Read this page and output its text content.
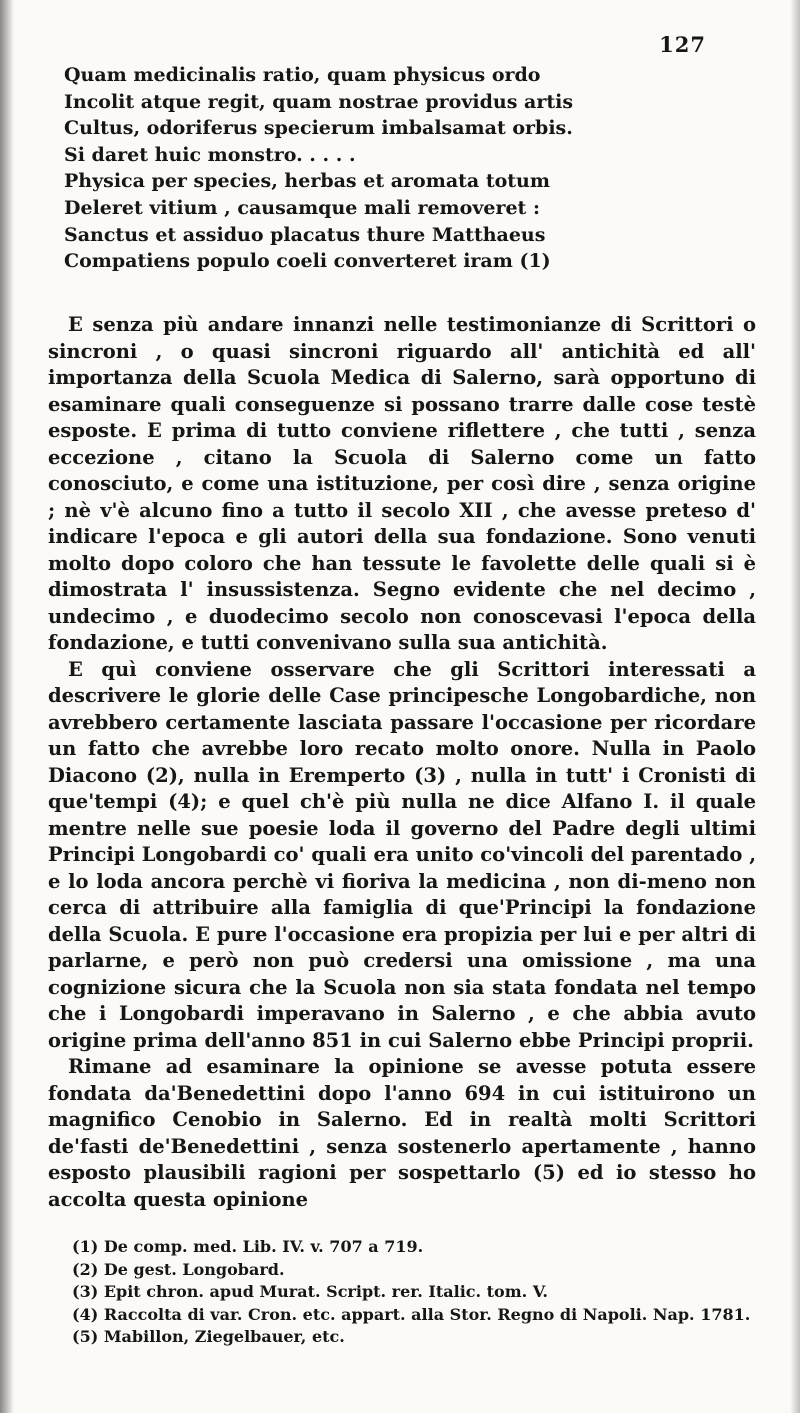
127
Quam medicinalis ratio, quam physicus ordo
Incolit atque regit, quam nostrae providus artis
Cultus, odoriferus specierum imbalsamat orbis.
Si daret huic monstro. . . . .
Physica per species, herbas et aromata totum
Deleret vitium , causamque mali removeret :
Sanctus et assiduo placatus thure Matthaeus
Compatiens populo coeli converteret iram (1)

E senza più andare innanzi nelle testimonianze di Scrittori o sincroni , o quasi sincroni riguardo all' antichità ed all' importanza della Scuola Medica di Salerno, sarà opportuno di esaminare quali conseguenze si possano trarre dalle cose testè esposte. E prima di tutto conviene riflettere , che tutti , senza eccezione , citano la Scuola di Salerno come un fatto conosciuto, e come una istituzione, per così dire , senza origine ; nè v'è alcuno fino a tutto il secolo XII , che avesse preteso d' indicare l'epoca e gli autori della sua fondazione. Sono venuti molto dopo coloro che han tessute le favolette delle quali si è dimostrata l' insussistenza. Segno evidente che nel decimo , undecimo , e duodecimo secolo non conoscevasi l'epoca della fondazione, e tutti convenivano sulla sua antichità.

E quì conviene osservare che gli Scrittori interessati a descrivere le glorie delle Case principesche Longobardiche, non avrebbero certamente lasciata passare l'occasione per ricordare un fatto che avrebbe loro recato molto onore. Nulla in Paolo Diacono (2), nulla in Eremperto (3) , nulla in tutt' i Cronisti di que'tempi (4); e quel ch'è più nulla ne dice Alfano I. il quale mentre nelle sue poesie loda il governo del Padre degli ultimi Principi Longobardi co' quali era unito co'vincoli del parentado , e lo loda ancora perchè vi fioriva la medicina , non di-meno non cerca di attribuire alla famiglia di que'Principi la fondazione della Scuola. E pure l'occasione era propizia per lui e per altri di parlarne, e però non può credersi una omissione , ma una cognizione sicura che la Scuola non sia stata fondata nel tempo che i Longobardi imperavano in Salerno , e che abbia avuto origine prima dell'anno 851 in cui Salerno ebbe Principi proprii.

Rimane ad esaminare la opinione se avesse potuta essere fondata da'Benedettini dopo l'anno 694 in cui istituirono un magnifico Cenobio in Salerno. Ed in realtà molti Scrittori de'fasti de'Benedettini , senza sostenerlo apertamente , hanno esposto plausibili ragioni per sospettarlo (5) ed io stesso ho accolta questa opinione

(1) De comp. med. Lib. IV. v. 707 a 719.
(2) De gest. Longobard.
(3) Epit chron. apud Murat. Script. rer. Italic. tom. V.
(4) Raccolta di var. Cron. etc. appart. alla Stor. Regno di Napoli. Nap. 1781.
(5) Mabillon, Ziegelbauer, etc.
